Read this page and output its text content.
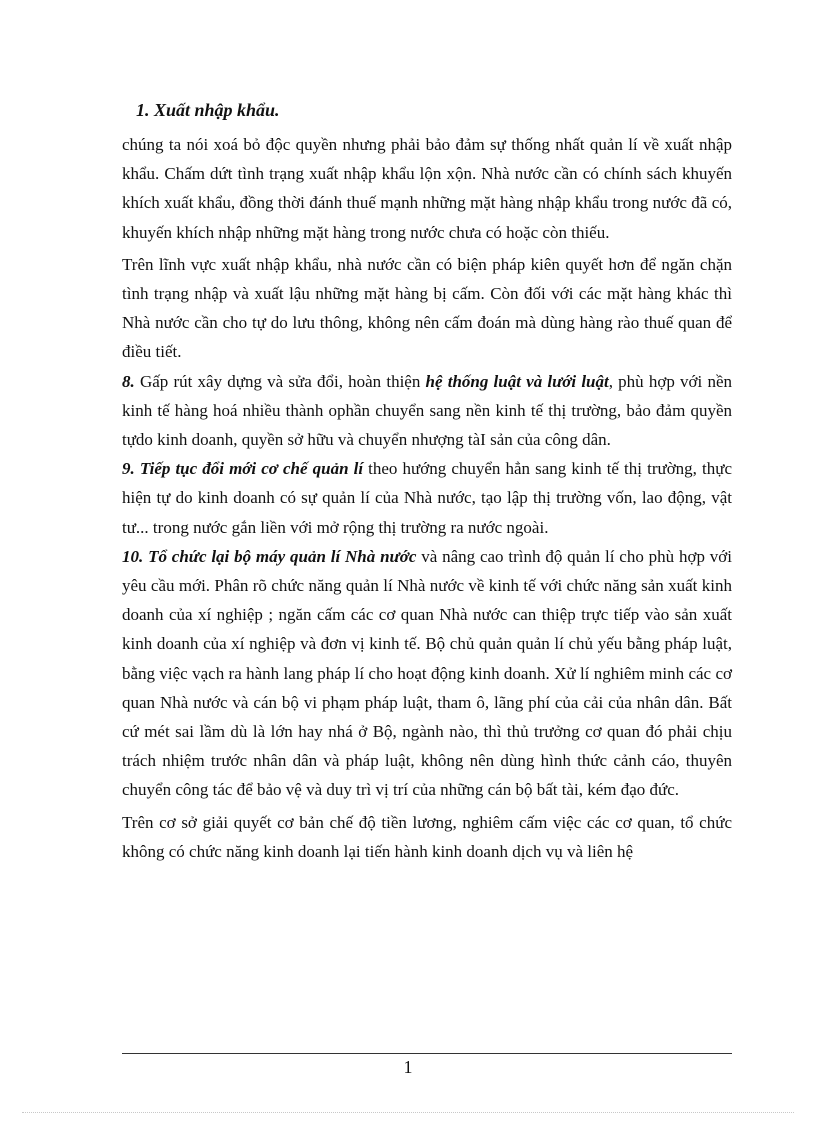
1. Xuất nhập khẩu.

chúng ta nói xoá bỏ độc quyền nhưng phải bảo đảm sự thống nhất quản lí về xuất nhập khẩu. Chấm dứt tình trạng xuất nhập khẩu lộn xộn. Nhà nước cần có chính sách khuyến khích xuất khẩu, đồng thời đánh thuế mạnh những mặt hàng nhập khẩu trong nước đã có, khuyến khích nhập những mặt hàng trong nước chưa có hoặc còn thiếu.

Trên lĩnh vực xuất nhập khẩu, nhà nước cần có biện pháp kiên quyết hơn để ngăn chặn tình trạng nhập và xuất lậu những mặt hàng bị cấm. Còn đối với các mặt hàng khác thì Nhà nước cần cho tự do lưu thông, không nên cấm đoán mà dùng hàng rào thuế quan để điều tiết.

8. Gấp rút xây dựng và sửa đổi, hoàn thiện hệ thống luật và lưới luật, phù hợp với nền kinh tế hàng hoá nhiều thành ophần chuyển sang nền kinh tế thị trường, bảo đảm quyền tựdo kinh doanh, quyền sở hữu và chuyển nhượng tàI sản của công dân.

9. Tiếp tục đổi mới cơ chế quản lí theo hướng chuyển hẳn sang kinh tế thị trường, thực hiện tự do kinh doanh có sự quản lí của Nhà nước, tạo lập thị trường vốn, lao động, vật tư... trong nước gắn liền với mở rộng thị trường ra nước ngoài.

10. Tổ chức lại bộ máy quản lí Nhà nước và nâng cao trình độ quản lí cho phù hợp với yêu cầu mới. Phân rõ chức năng quản lí Nhà nước về kinh tế với chức năng sản xuất kinh doanh của xí nghiệp ; ngăn cấm các cơ quan Nhà nước can thiệp trực tiếp vào sản xuất kinh doanh của xí nghiệp và đơn vị kinh tế. Bộ chủ quản quản lí chủ yếu bằng pháp luật, bằng việc vạch ra hành lang pháp lí cho hoạt động kinh doanh. Xử lí nghiêm minh các cơ quan Nhà nước và cán bộ vi phạm pháp luật, tham ô, lãng phí của cải của nhân dân. Bất cứ mét sai lầm dù là lớn hay nhá ở Bộ, ngành nào, thì thủ trưởng cơ quan đó phải chịu trách nhiệm trước nhân dân và pháp luật, không nên dùng hình thức cảnh cáo, thuyên chuyển công tác để bảo vệ và duy trì vị trí của những cán bộ bất tài, kém đạo đức.

Trên cơ sở giải quyết cơ bản chế độ tiền lương, nghiêm cấm việc các cơ quan, tổ chức không có chức năng kinh doanh lại tiến hành kinh doanh dịch vụ và liên hệ

1
